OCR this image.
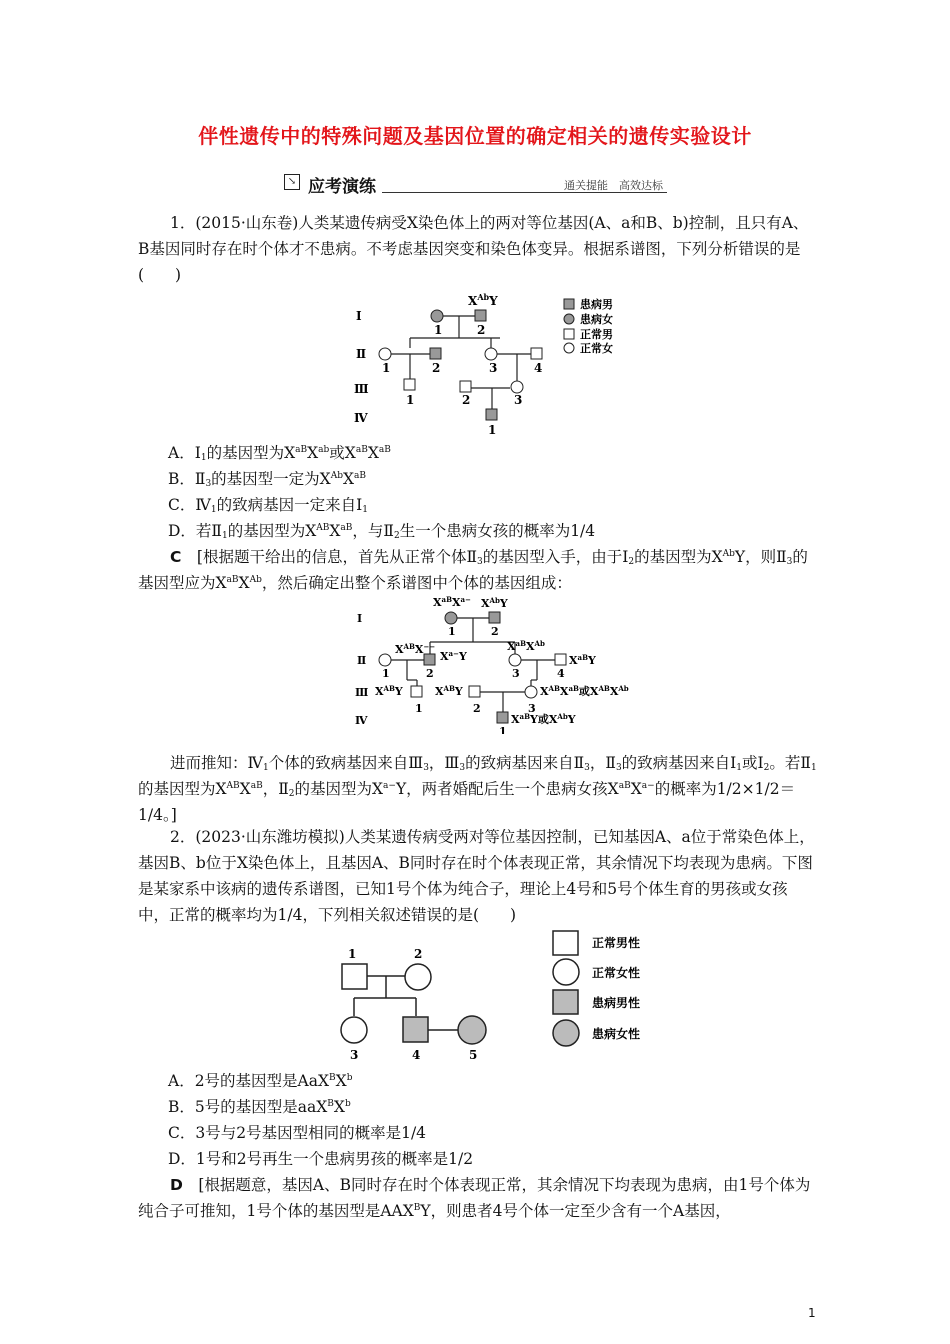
伴性遗传中的特殊问题及基因位置的确定相关的遗传实验设计
↘ 应考演练	通关提能　高效达标
1．(2015·山东卷)人类某遗传病受X染色体上的两对等位基因(A、a和B、b)控制，且只有A、B基因同时存在时个体才不患病。不考虑基因突变和染色体变异。根据系谱图，下列分析错误的是(　　)
Ⅰ
Ⅱ
Ⅲ
Ⅳ
$X^{Ab}Y$
1	2
1	2	3	4
1	2	3
1
患病男
患病女
正常男
正常女
A．$Ⅰ_1$的基因型为$X^{aB}X^{ab}$或$X^{aB}X^{aB}$
B．$Ⅱ_3$的基因型一定为$X^{Ab}X^{aB}$
C．$Ⅳ_1$的致病基因一定来自$Ⅰ_1$
D．若$Ⅱ_1$的基因型为$X^{AB}X^{aB}$，与$Ⅱ_2$生一个患病女孩的概率为1/4
C　[根据题干给出的信息，首先从正常个体$Ⅱ_3$的基因型入手，由于$Ⅰ_2$的基因型为$X^{Ab}Y$，则$Ⅱ_3$的基因型应为$X^{aB}X^{Ab}$，然后确定出整个系谱图中个体的基因组成：
Ⅰ
Ⅱ
Ⅲ
Ⅳ
$X^{aB}X^{a-}$ $X^{Ab}Y$
1	2
$X^{AB}X^{--}$
$X^{a-}Y$
$X^{aB}X^{Ab}$
$X^{aB}Y$
1	2	3	4
$X^{AB}Y$	$X^{AB}Y$	$X^{AB}X^{aB}$或$X^{AB}X^{Ab}$
1	2	3
$X^{aB}Y$或$X^{Ab}Y$
1
进而推知：$Ⅳ_1$个体的致病基因来自$Ⅲ_3$，$Ⅲ_3$的致病基因来自$Ⅱ_3$，$Ⅱ_3$的致病基因来自$Ⅰ_1$或$Ⅰ_2$。若$Ⅱ_1$的基因型为$X^{AB}X^{aB}$，$Ⅱ_2$的基因型为$X^{a-}Y$，两者婚配后生一个患病女孩$X^{aB}X^{a-}$的概率为1/2×1/2＝1/4。]
2．(2023·山东潍坊模拟)人类某遗传病受两对等位基因控制，已知基因A、a位于常染色体上，基因B、b位于X染色体上，且基因A、B同时存在时个体表现正常，其余情况下均表现为患病。下图是某家系中该病的遗传系谱图，已知1号个体为纯合子，理论上4号和5号个体生育的男孩或女孩中，正常的概率均为1/4，下列相关叙述错误的是(　　)
1	2
3	4	5
正常男性
正常女性
患病男性
患病女性
A．2号的基因型是$AaX^BX^b$
B．5号的基因型是$aaX^BX^b$
C．3号与2号基因型相同的概率是1/4
D．1号和2号再生一个患病男孩的概率是1/2
D　[根据题意，基因A、B同时存在时个体表现正常，其余情况下均表现为患病，由1号个体为纯合子可推知，1号个体的基因型是$AAX^BY$，则患者4号个体一定至少含有一个A基因，
1
